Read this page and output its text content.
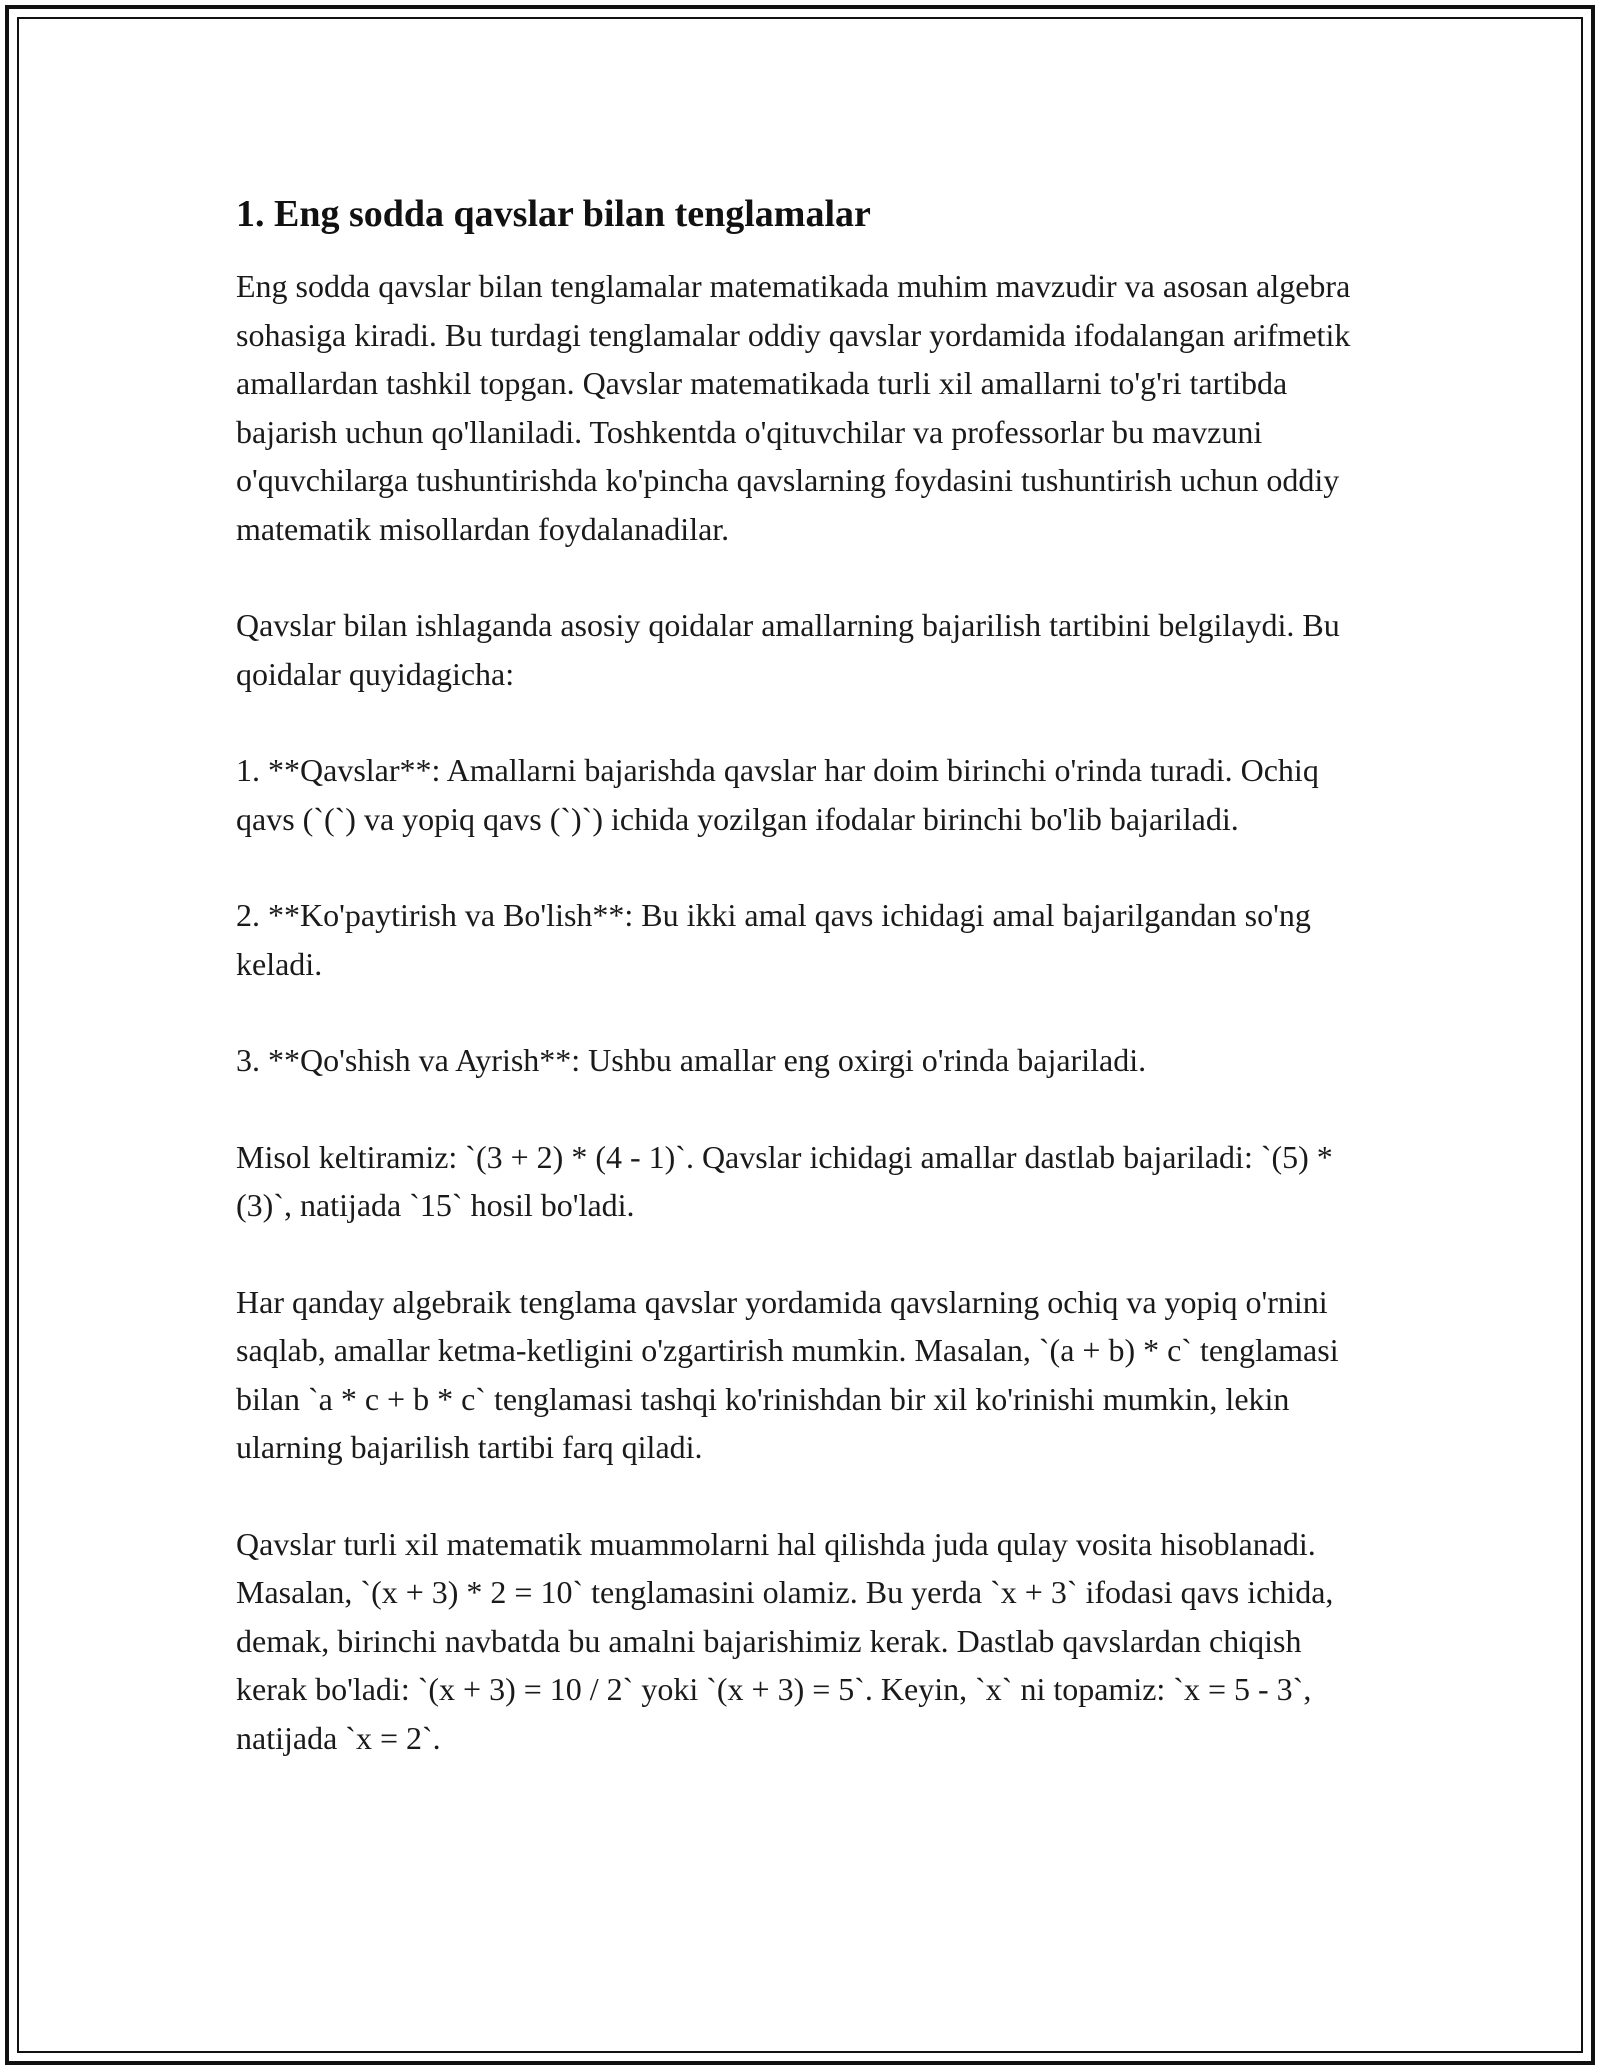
1. Eng sodda qavslar bilan tenglamalar

Eng sodda qavslar bilan tenglamalar matematikada muhim mavzudir va asosan algebra sohasiga kiradi. Bu turdagi tenglamalar oddiy qavslar yordamida ifodalangan arifmetik amallardan tashkil topgan. Qavslar matematikada turli xil amallarni to'g'ri tartibda bajarish uchun qo'llaniladi. Toshkentda o'qituvchilar va professorlar bu mavzuni o'quvchilarga tushuntirishda ko'pincha qavslarning foydasini tushuntirish uchun oddiy matematik misollardan foydalanadilar.

Qavslar bilan ishlaganda asosiy qoidalar amallarning bajarilish tartibini belgilaydi. Bu qoidalar quyidagicha:

1. **Qavslar**: Amallarni bajarishda qavslar har doim birinchi o'rinda turadi. Ochiq qavs (`(`) va yopiq qavs (`)`) ichida yozilgan ifodalar birinchi bo'lib bajariladi.

2. **Ko'paytirish va Bo'lish**: Bu ikki amal qavs ichidagi amal bajarilgandan so'ng keladi.

3. **Qo'shish va Ayrish**: Ushbu amallar eng oxirgi o'rinda bajariladi.

Misol keltiramiz: `(3 + 2) * (4 - 1)`. Qavslar ichidagi amallar dastlab bajariladi: `(5) * (3)`, natijada `15` hosil bo'ladi.

Har qanday algebraik tenglama qavslar yordamida qavslarning ochiq va yopiq o'rnini saqlab, amallar ketma-ketligini o'zgartirish mumkin. Masalan, `(a + b) * c` tenglamasi bilan `a * c + b * c` tenglamasi tashqi ko'rinishdan bir xil ko'rinishi mumkin, lekin ularning bajarilish tartibi farq qiladi.

Qavslar turli xil matematik muammolarni hal qilishda juda qulay vosita hisoblanadi. Masalan, `(x + 3) * 2 = 10` tenglamasini olamiz. Bu yerda `x + 3` ifodasi qavs ichida, demak, birinchi navbatda bu amalni bajarishimiz kerak. Dastlab qavslardan chiqish kerak bo'ladi: `(x + 3) = 10 / 2` yoki `(x + 3) = 5`. Keyin, `x` ni topamiz: `x = 5 - 3`, natijada `x = 2`.
